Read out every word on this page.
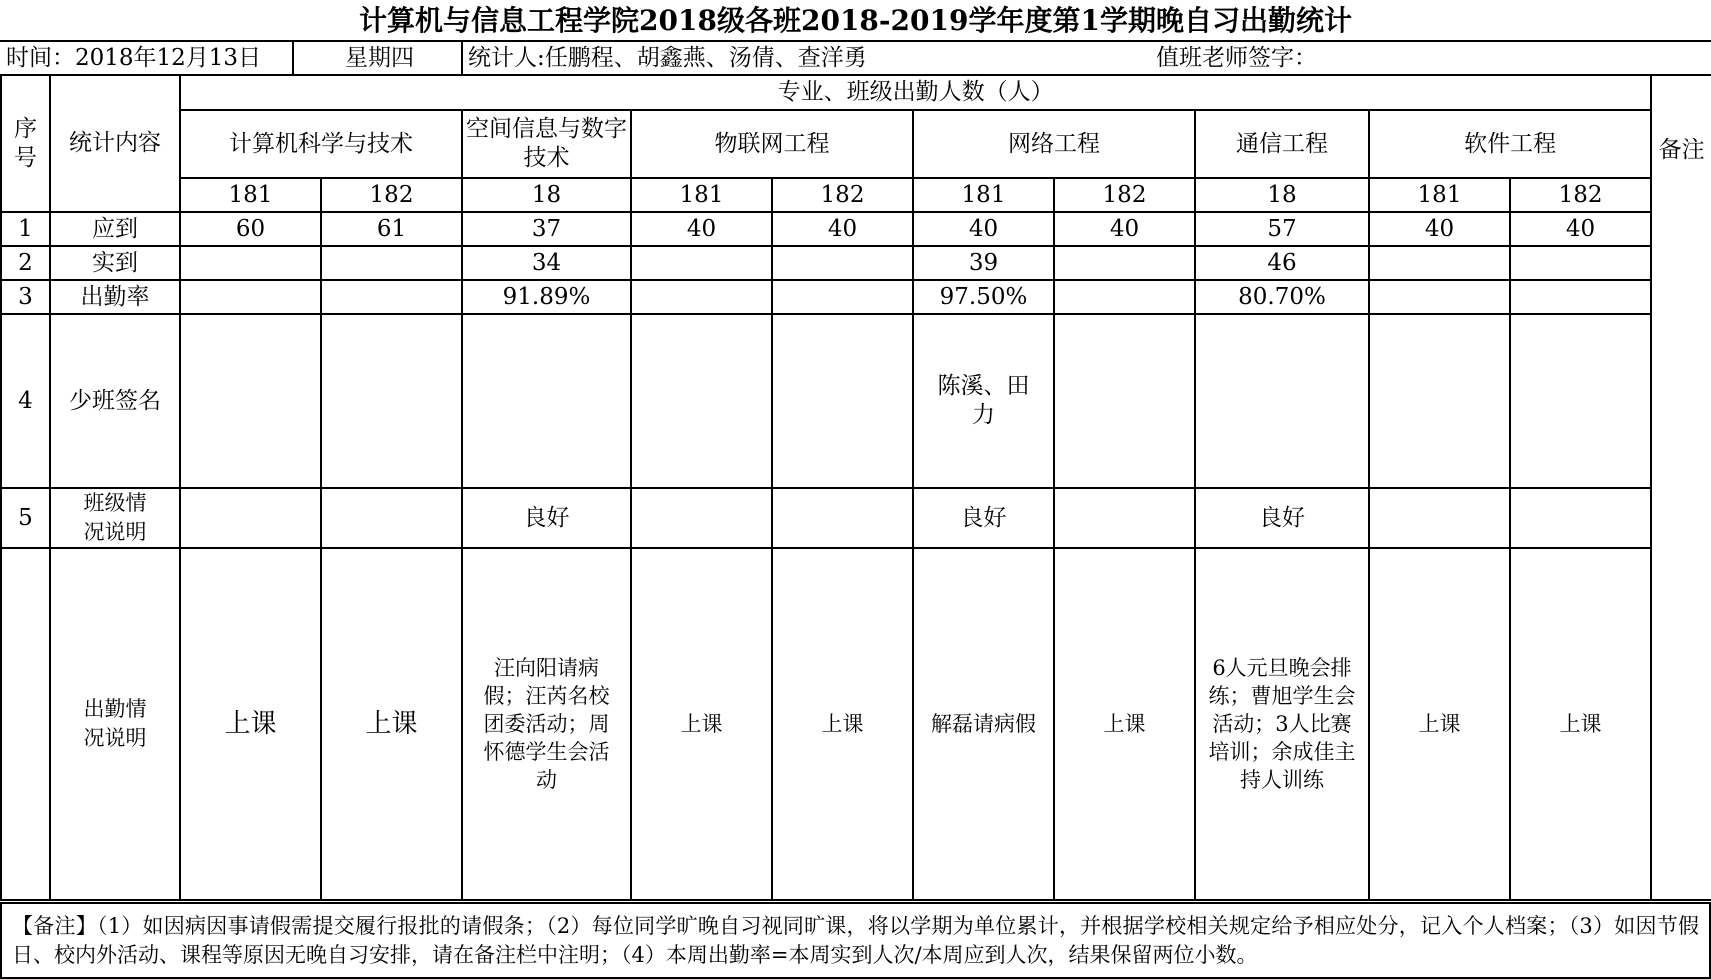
计算机与信息工程学院2018级各班2018-2019学年度第1学期晚自习出勤统计
时间：2018年12月13日	星期四 统计人:任鹏程、胡鑫燕、汤倩、查洋勇	值班老师签字：
序号	统计内容	专业、班级出勤人数（人）										备注
		计算机科学与技术		空间信息与数字技术	物联网工程		网络工程		通信工程	软件工程		
		181	182	18	181	182	181	182	18	181	182	
1	应到	60	61	37	40	40	40	40	57	40	40	
2	实到			34			39		46			
3	出勤率			91.89%			97.50%		80.70%			
4	少班签名						陈溪、田力					
5	班级情况说明			良好			良好		良好			
	出勤情况说明	上课	上课	汪向阳请病假；汪芮名校团委活动；周怀德学生会活动	上课	上课	解磊请病假	上课	6人元旦晚会排练；曹旭学生会活动；3人比赛培训；余成佳主持人训练	上课	上课	
【备注】（1）如因病因事请假需提交履行报批的请假条；（2）每位同学旷晚自习视同旷课，将以学期为单位累计，并根据学校相关规定给予相应处分，记入个人档案；（3）如因节假日、校内外活动、课程等原因无晚自习安排，请在备注栏中注明；（4）本周出勤率=本周实到人次/本周应到人次，结果保留两位小数。
